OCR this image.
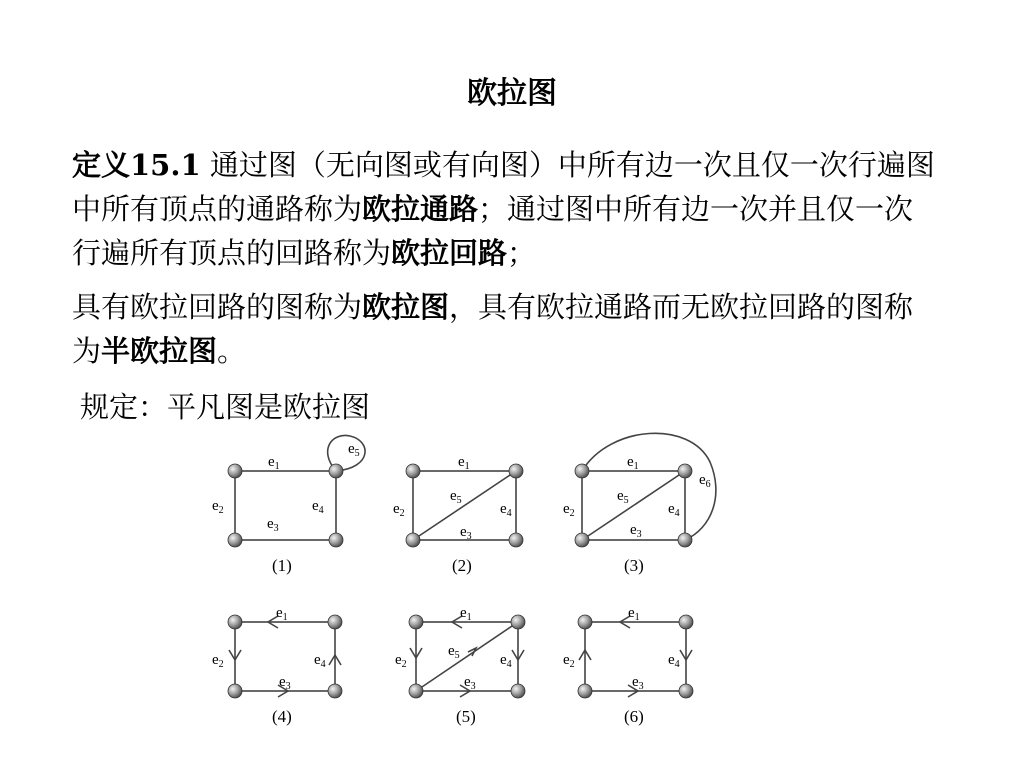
欧拉图
定义15.1 通过图（无向图或有向图）中所有边一次且仅一次行遍图中所有顶点的通路称为欧拉通路；通过图中所有边一次并且仅一次行遍所有顶点的回路称为欧拉回路；
具有欧拉回路的图称为欧拉图，具有欧拉通路而无欧拉回路的图称为半欧拉图。
规定：平凡图是欧拉图
$e_1$
$e_2$
$e_3$
$e_4$
$e_5$
(1)
$e_1$
$e_2$
$e_3$
$e_4$
$e_5$
(2)
$e_1$
$e_2$
$e_3$
$e_4$
$e_5$
$e_6$
(3)
$e_1$
$e_2$
$e_3$
$e_4$
(4)
$e_1$
$e_2$
$e_3$
$e_4$
$e_5$
(5)
$e_1$
$e_2$
$e_3$
$e_4$
(6)
